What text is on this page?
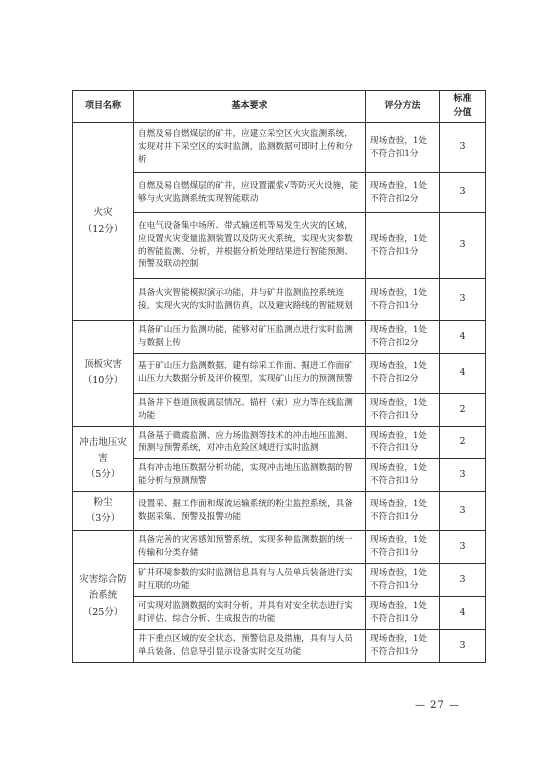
项目名称	基本要求	评分方法	标准
分值
火灾
（12分）	自燃及易自燃煤层的矿井，应建立采空区火灾监测系统，实现对井下采空区的实时监测，监测数据可即时上传和分析	现场查验，1处不符合扣1分	3
	自燃及易自燃煤层的矿井，应设置灌浆√等防灭火设施，能够与火灾监测系统实现智能联动	现场查验，1处不符合扣2分	3
	在电气设备集中场所、带式输送机等易发生火灾的区域，应设置火灾变量监测装置以及防灭火系统，实现火灾参数的智能监测、分析，并根据分析处理结果进行智能预测、预警及联动控制	现场查验，1处不符合扣1分	3
	具备火灾智能模拟演示功能，并与矿井监测监控系统连接，实现火灾的实时监测仿真，以及避灾路线的智能规划	现场查验，1处不符合扣1分	3
顶板灾害
（10分）	具备矿山压力监测功能，能够对矿压监测点进行实时监测与数据上传	现场查验，1处不符合扣2分	4
	基于矿山压力监测数据，建有综采工作面、掘进工作面矿山压力大数据分析及评价模型，实现矿山压力的预测预警	现场查验，1处不符合扣2分	4
	具备井下巷道顶板离层情况、锚杆（索）应力等在线监测功能	现场查验，1处不符合扣1分	2
冲击地压灾害
（5分）	具备基于微震监测、应力场监测等技术的冲击地压监测、预测与预警系统，对冲击危险区域进行实时监测	现场查验，1处不符合扣1分	2
	具有冲击地压数据分析功能，实现冲击地压监测数据的智能分析与预测预警	现场查验，1处不符合扣1分	3
粉尘
（3分）	设置采、掘工作面和煤流运输系统的粉尘监控系统，具备数据采集、预警及报警功能	现场查验，1处不符合扣1分	3
灾害综合防治系统
（25分）	具备完善的灾害感知预警系统，实现多种监测数据的统一传输和分类存储	现场查验，1处不符合扣1分	3
	矿井环境参数的实时监测信息具有与人员单兵装备进行实时互联的功能	现场查验，1处不符合扣1分	3
	可实现对监测数据的实时分析，并具有对安全状态进行实时评估、综合分析、生成报告的功能	现场查验，1处不符合扣1分	4
	井下重点区域的安全状态、预警信息及措施，具有与人员单兵装备、信息导引显示设备实时交互功能	现场查验，1处不符合扣1分	3
— 27 —
